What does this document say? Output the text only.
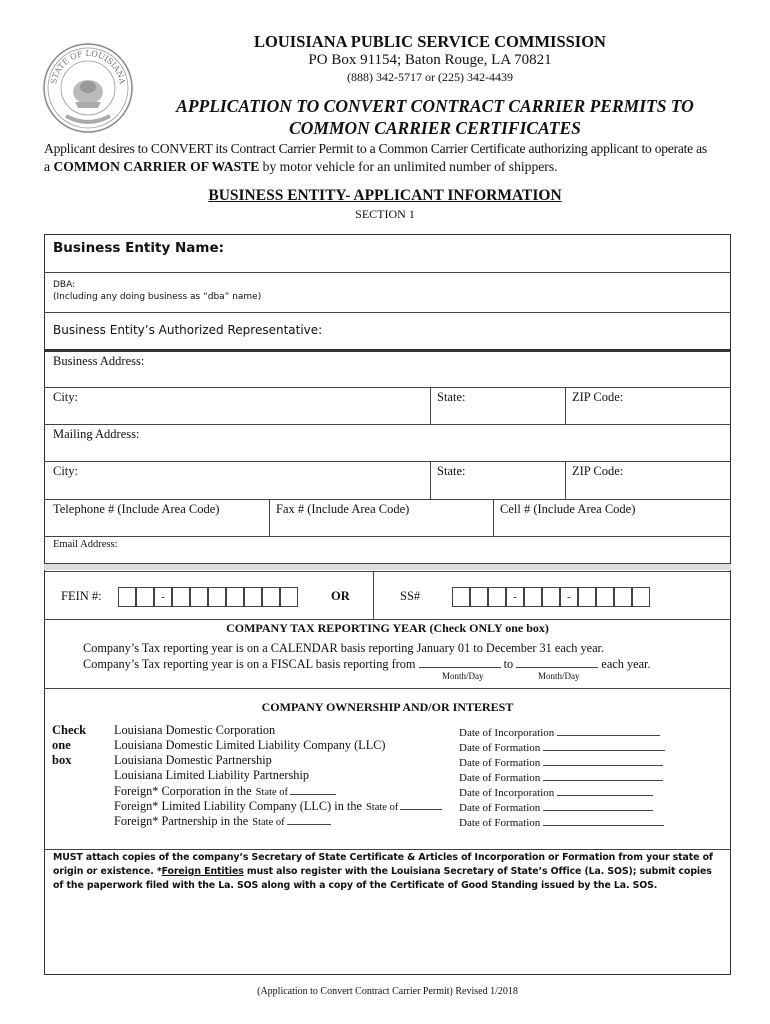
STATE OF LOUISIANA
LOUISIANA PUBLIC SERVICE COMMISSION
PO Box 91154; Baton Rouge, LA 70821
(888) 342-5717 or (225) 342-4439
APPLICATION TO CONVERT CONTRACT CARRIER PERMITS TO
COMMON CARRIER CERTIFICATES
Applicant desires to CONVERT its Contract Carrier Permit to a Common Carrier Certificate authorizing applicant to operate as
a COMMON CARRIER OF WASTE by motor vehicle for an unlimited number of shippers.
BUSINESS ENTITY- APPLICANT INFORMATION
SECTION 1
Business Entity Name:
DBA:
(Including any doing business as “dba” name)
Business Entity’s Authorized Representative:
Business Address:
City:	State:	ZIP Code:
Mailing Address:
City:	State:	ZIP Code:
Telephone # (Include Area Code)	Fax # (Include Area Code)	Cell # (Include Area Code)
Email Address:
FEIN #:	-	OR	SS#	-	-
COMPANY TAX REPORTING YEAR (Check ONLY one box)
Company’s Tax reporting year is on a CALENDAR basis reporting January 01 to December 31 each year.
Company’s Tax reporting year is on a FISCAL basis reporting from	to	each year.
Month/Day	Month/Day
COMPANY OWNERSHIP AND/OR INTEREST
Check
one
box
Louisiana Domestic Corporation	Date of Incorporation
Louisiana Domestic Limited Liability Company (LLC)	Date of Formation
Louisiana Domestic Partnership	Date of Formation
Louisiana Limited Liability Partnership	Date of Formation
Foreign* Corporation in the State of	Date of Incorporation
Foreign* Limited Liability Company (LLC) in the State of	Date of Formation
Foreign* Partnership in the State of	Date of Formation
MUST attach copies of the company’s Secretary of State Certificate & Articles of Incorporation or Formation from your state of origin or existence. *Foreign Entities must also register with the Louisiana Secretary of State’s Office (La. SOS); submit copies of the paperwork filed with the La. SOS along with a copy of the Certificate of Good Standing issued by the La. SOS.
(Application to Convert Contract Carrier Permit) Revised 1/2018
